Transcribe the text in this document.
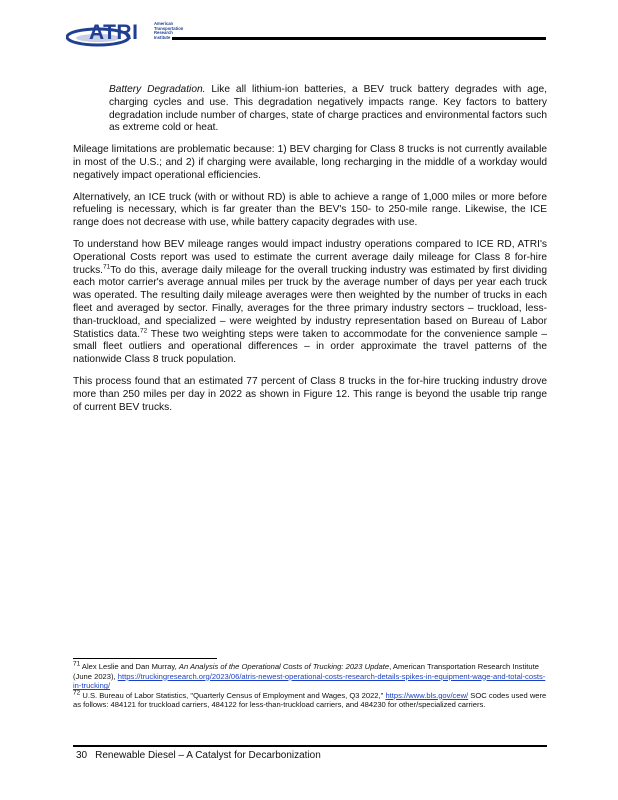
ATRI	American Transportation Research Institute

Battery Degradation. Like all lithium-ion batteries, a BEV truck battery degrades with age, charging cycles and use. This degradation negatively impacts range. Key factors to battery degradation include number of charges, state of charge practices and environmental factors such as extreme cold or heat.

Mileage limitations are problematic because: 1) BEV charging for Class 8 trucks is not currently available in most of the U.S.; and 2) if charging were available, long recharging in the middle of a workday would negatively impact operational efficiencies.

Alternatively, an ICE truck (with or without RD) is able to achieve a range of 1,000 miles or more before refueling is necessary, which is far greater than the BEV's 150- to 250-mile range. Likewise, the ICE range does not decrease with use, while battery capacity degrades with use.

To understand how BEV mileage ranges would impact industry operations compared to ICE RD, ATRI's Operational Costs report was used to estimate the current average daily mileage for Class 8 for-hire trucks.$^{71}$To do this, average daily mileage for the overall trucking industry was estimated by first dividing each motor carrier's average annual miles per truck by the average number of days per year each truck was operated. The resulting daily mileage averages were then weighted by the number of trucks in each fleet and averaged by sector. Finally, averages for the three primary industry sectors – truckload, less-than-truckload, and specialized – were weighted by industry representation based on Bureau of Labor Statistics data.$^{72}$ These two weighting steps were taken to accommodate for the convenience sample – small fleet outliers and operational differences – in order approximate the travel patterns of the nationwide Class 8 truck population.

This process found that an estimated 77 percent of Class 8 trucks in the for-hire trucking industry drove more than 250 miles per day in 2022 as shown in Figure 12. This range is beyond the usable trip range of current BEV trucks.

$^{71}$ Alex Leslie and Dan Murray, An Analysis of the Operational Costs of Trucking: 2023 Update, American Transportation Research Institute (June 2023), https://truckingresearch.org/2023/06/atris-newest-operational-costs-research-details-spikes-in-equipment-wage-and-total-costs-in-trucking/

$^{72}$ U.S. Bureau of Labor Statistics, "Quarterly Census of Employment and Wages, Q3 2022," https://www.bls.gov/cew/ SOC codes used were as follows: 484121 for truckload carriers, 484122 for less-than-truckload carriers, and 484230 for other/specialized carriers.

30 Renewable Diesel – A Catalyst for Decarbonization
